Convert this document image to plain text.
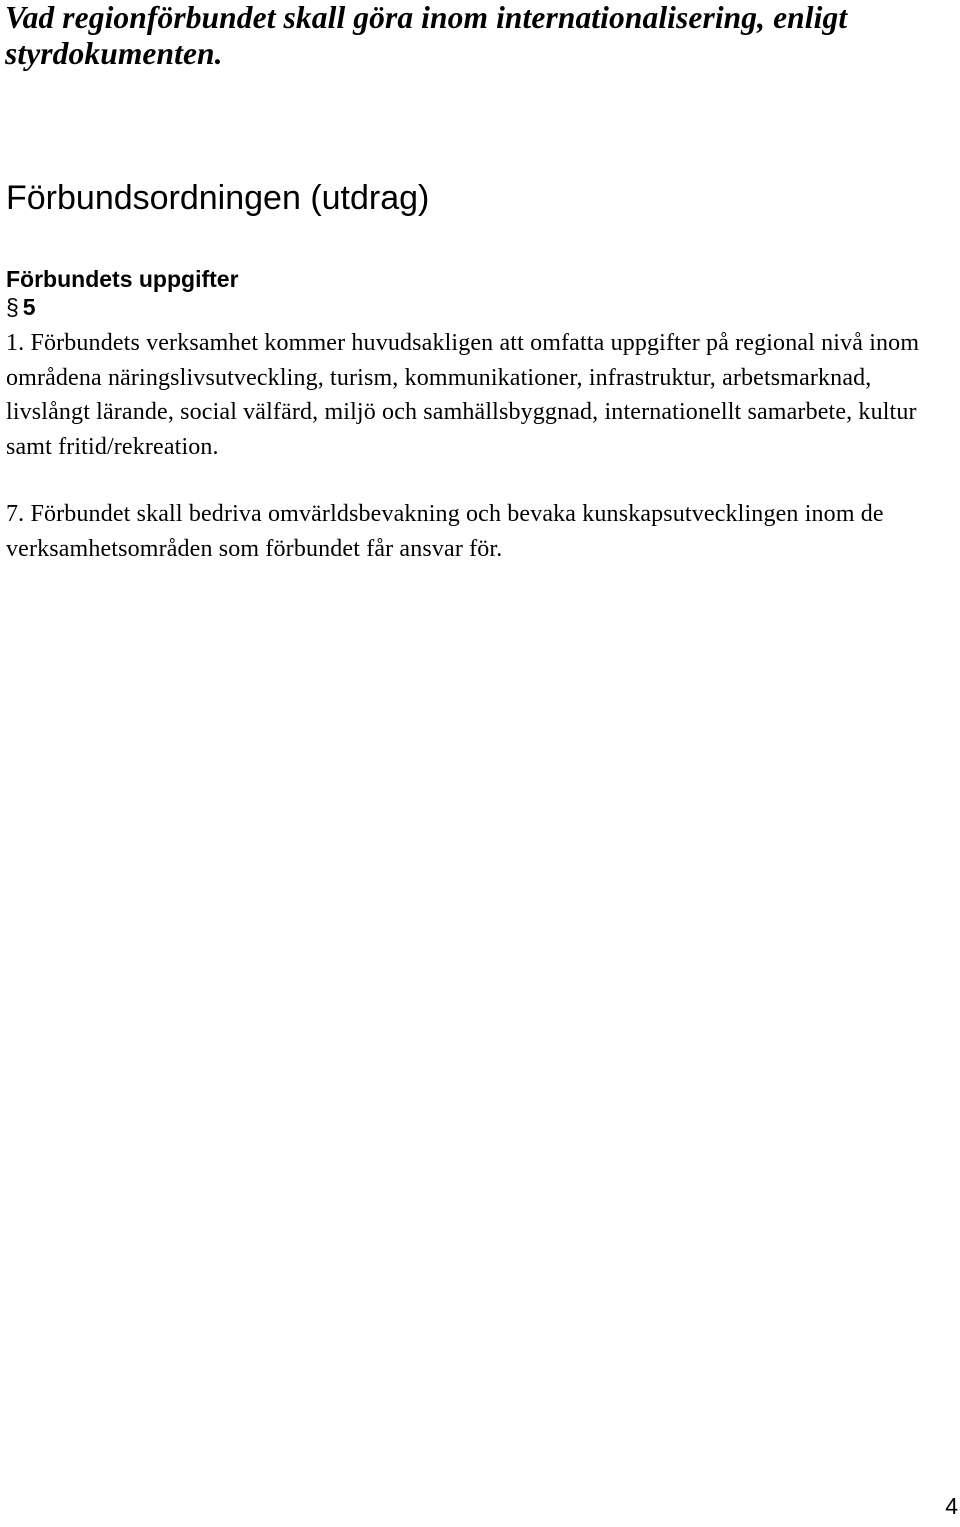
Vad regionförbundet skall göra inom internationalisering, enligt styrdokumenten.
Förbundsordningen (utdrag)
Förbundets uppgifter
§ 5

1. Förbundets verksamhet kommer huvudsakligen att omfatta uppgifter på regional nivå inom områdena näringslivsutveckling, turism, kommunikationer, infrastruktur, arbetsmarknad, livslångt lärande, social välfärd, miljö och samhällsbyggnad, internationellt samarbete, kultur samt fritid/rekreation.

7. Förbundet skall bedriva omvärldsbevakning och bevaka kunskapsutvecklingen inom de verksamhetsområden som förbundet får ansvar för.

4
